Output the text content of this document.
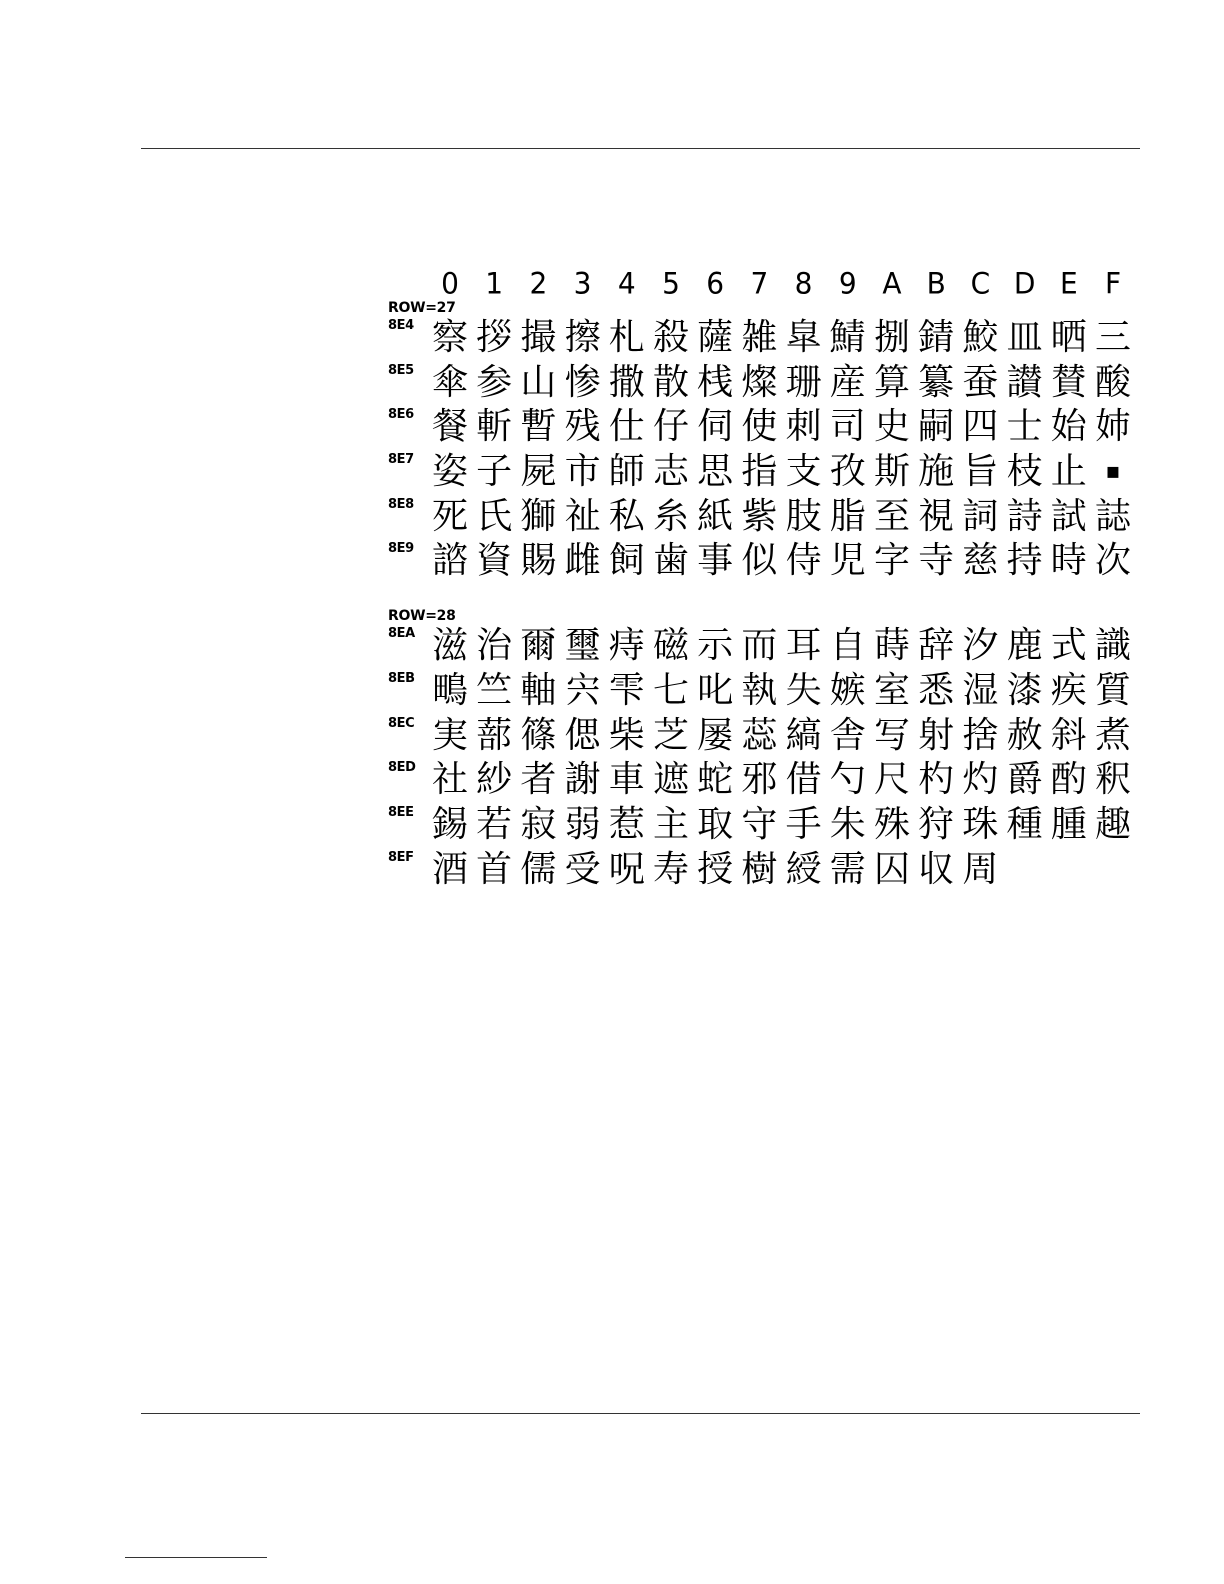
0 1 2 3 4 5 6 7 8 9 A B C D E F
ROW=27
8E4 察 拶 撮 擦 札 殺 薩 雑 皐 鯖 捌 錆 鮫 皿 晒 三
8E5 傘 参 山 惨 撒 散 桟 燦 珊 産 算 纂 蚕 讃 賛 酸
8E6 餐 斬 暫 残 仕 仔 伺 使 刺 司 史 嗣 四 士 始 姉
8E7 姿 子 屍 市 師 志 思 指 支 孜 斯 施 旨 枝 止 ▪
8E8 死 氏 獅 祉 私 糸 紙 紫 肢 脂 至 視 詞 詩 試 誌
8E9 諮 資 賜 雌 飼 歯 事 似 侍 児 字 寺 慈 持 時 次
ROW=28
8EA 滋 治 爾 璽 痔 磁 示 而 耳 自 蒔 辞 汐 鹿 式 識
8EB 鴫 竺 軸 宍 雫 七 叱 執 失 嫉 室 悉 湿 漆 疾 質
8EC 実 蔀 篠 偲 柴 芝 屡 蕊 縞 舎 写 射 捨 赦 斜 煮
8ED 社 紗 者 謝 車 遮 蛇 邪 借 勺 尺 杓 灼 爵 酌 釈
8EE 錫 若 寂 弱 惹 主 取 守 手 朱 殊 狩 珠 種 腫 趣
8EF 酒 首 儒 受 呪 寿 授 樹 綬 需 囚 収 周
